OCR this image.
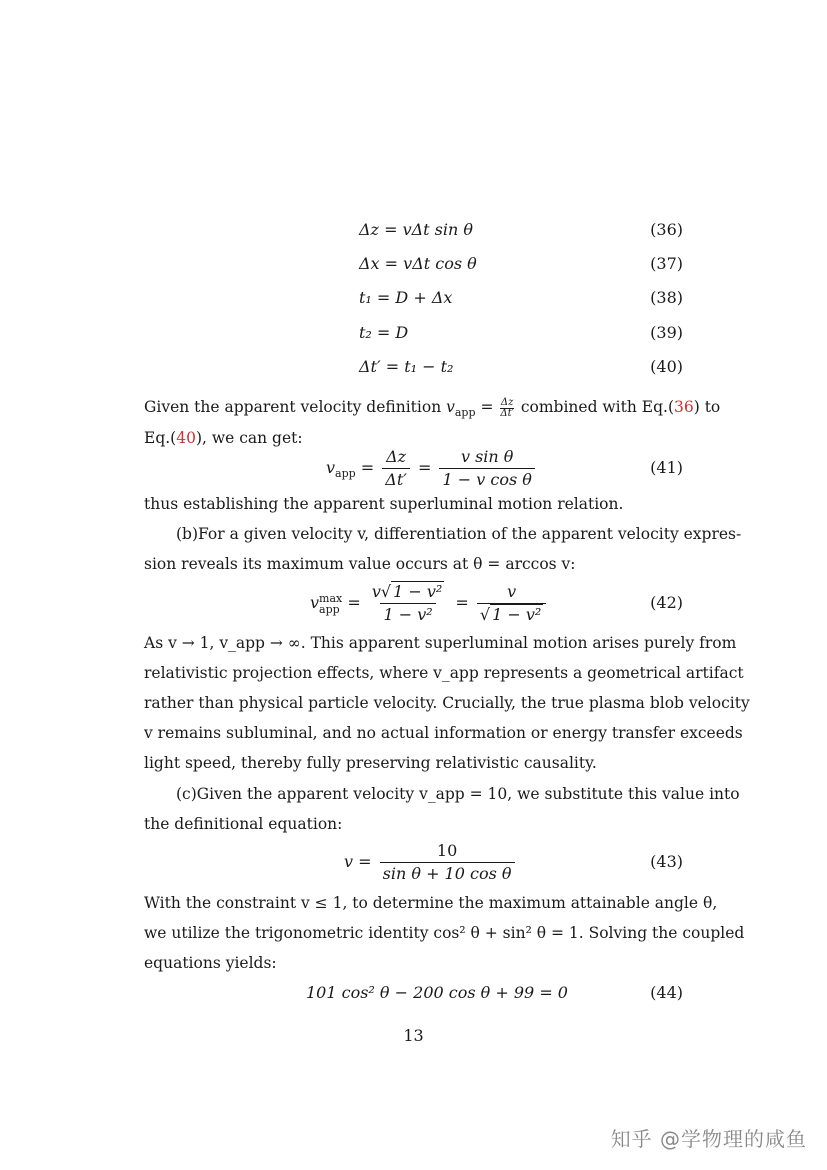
Δz = vΔt sin θ	(36)
Δx = vΔt cos θ	(37)
t₁ = D + Δx	(38)
t₂ = D	(39)
Δt′ = t₁ − t₂	(40)
Given the apparent velocity definition $v_{app} = \frac{\Delta z}{\Delta t'}$ combined with Eq.(36) to
Eq.(40), we can get:
$v_{app} = \frac{\Delta z}{\Delta t'} = \frac{\text{v sin θ}}{\text{1 − v cos θ}}$	(41)
thus establishing the apparent superluminal motion relation.
(b)For a given velocity v, differentiation of the apparent velocity expres-
sion reveals its maximum value occurs at θ = arccos v:
v max
app = $\frac{\text{v√ 1 − v²}}{\text{1 − v²}} = \frac{v}{\text{√ 1 − v²}}$	(42)
As v → 1, v_app → ∞. This apparent superluminal motion arises purely from
relativistic projection effects, where v_app represents a geometrical artifact
rather than physical particle velocity. Crucially, the true plasma blob velocity
v remains subluminal, and no actual information or energy transfer exceeds
light speed, thereby fully preserving relativistic causality.
(c)Given the apparent velocity v_app = 10, we substitute this value into
the definitional equation:
$v = \frac{10}{\text{sin θ + 10 cos θ}}$	(43)
With the constraint v ≤ 1, to determine the maximum attainable angle θ,
we utilize the trigonometric identity cos² θ + sin² θ = 1. Solving the coupled
equations yields:
101 cos² θ − 200 cos θ + 99 = 0	(44)
13
知乎 @学物理的咸鱼
